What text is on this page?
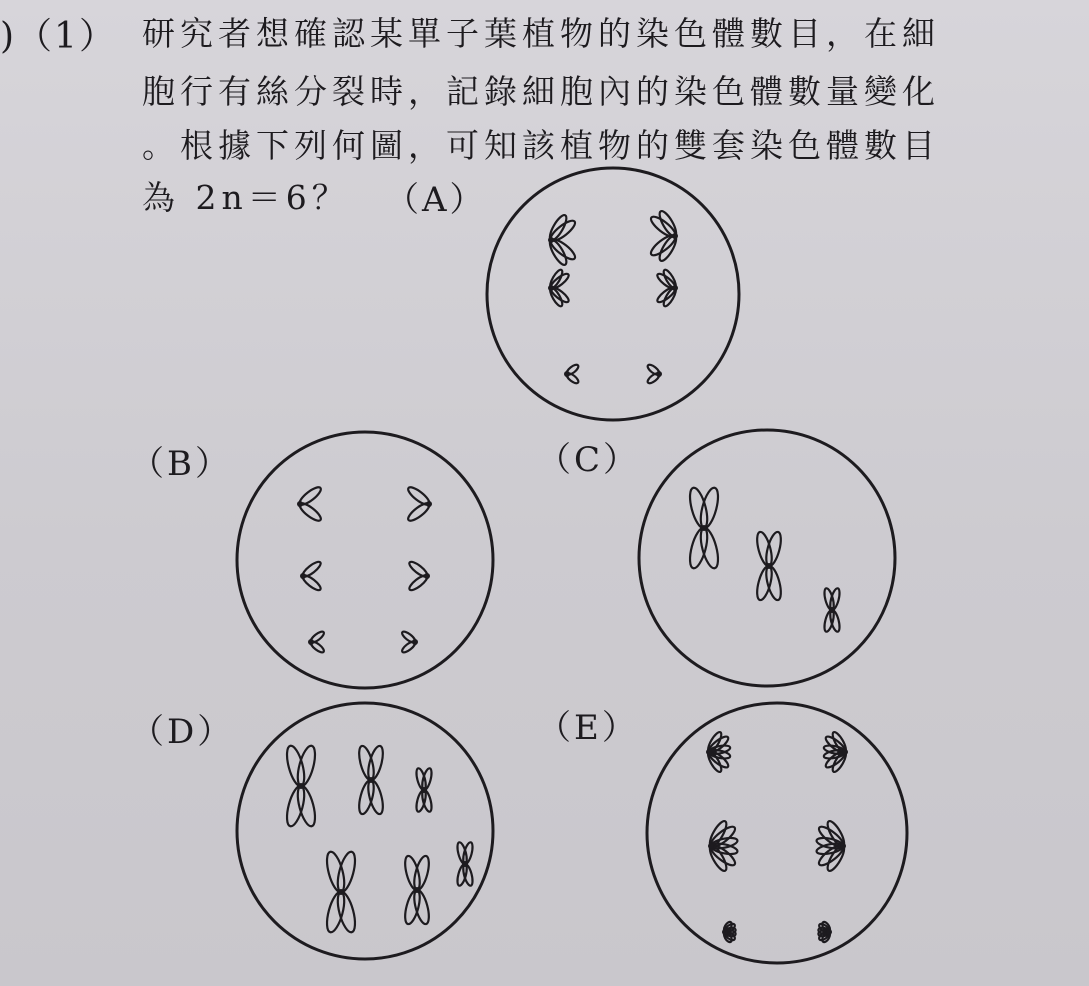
)（1） 研究者想確認某單子葉植物的染色體數目，在細
胞行有絲分裂時，記錄細胞內的染色體數量變化
。根據下列何圖，可知該植物的雙套染色體數目
為 2n＝6？ （A）
（B）	（C）
（D）	（E）
